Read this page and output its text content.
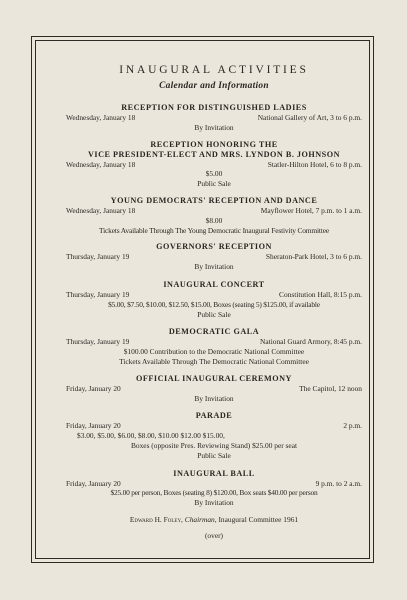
INAUGURAL ACTIVITIES
Calendar and Information
RECEPTION FOR DISTINGUISHED LADIES
Wednesday, January 18	National Gallery of Art, 3 to 6 p.m.
By Invitation
RECEPTION HONORING THE
VICE PRESIDENT-ELECT AND MRS. LYNDON B. JOHNSON
Wednesday, January 18	Statler-Hilton Hotel, 6 to 8 p.m.
$5.00
Public Sale
YOUNG DEMOCRATS' RECEPTION AND DANCE
Wednesday, January 18	Mayflower Hotel, 7 p.m. to 1 a.m.
$8.00
Tickets Available Through The Young Democratic Inaugural Festivity Committee
GOVERNORS' RECEPTION
Thursday, January 19	Sheraton-Park Hotel, 3 to 6 p.m.
By Invitation
INAUGURAL CONCERT
Thursday, January 19	Constitution Hall, 8:15 p.m.
$5.00, $7.50, $10.00, $12.50, $15.00, Boxes (seating 5) $125.00, if available
Public Sale
DEMOCRATIC GALA
Thursday, January 19	National Guard Armory, 8:45 p.m.
$100.00 Contribution to the Democratic National Committee
Tickets Available Through The Democratic National Committee
OFFICIAL INAUGURAL CEREMONY
Friday, January 20	The Capitol, 12 noon
By Invitation
PARADE
Friday, January 20	2 p.m.
$3.00, $5.00, $6.00, $8.00, $10.00 $12.00 $15.00,
Boxes (opposite Pres. Reviewing Stand) $25.00 per seat
Public Sale
INAUGURAL BALL
Friday, January 20	9 p.m. to 2 a.m.
$25.00 per person, Boxes (seating 8) $120.00, Box seats $40.00 per person
By Invitation
Edward H. Foley, Chairman, Inaugural Committee 1961
(over)
